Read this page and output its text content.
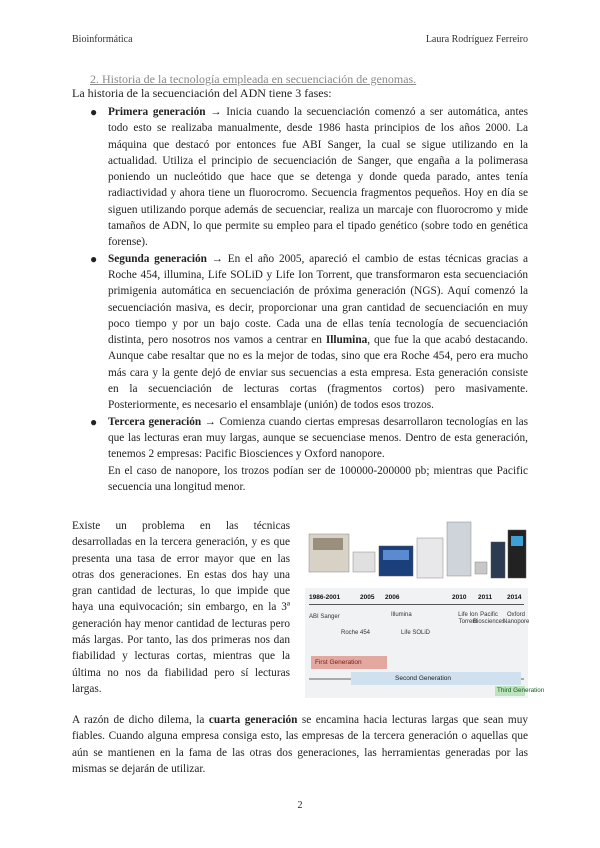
Bioinformática	Laura Rodríguez Ferreiro
2. Historia de la tecnología empleada en secuenciación de genomas.
La historia de la secuenciación del ADN tiene 3 fases:
● Primera generación → Inicia cuando la secuenciación comenzó a ser automática, antes todo esto se realizaba manualmente, desde 1986 hasta principios de los años 2000. La máquina que destacó por entonces fue ABI Sanger, la cual se sigue utilizando en la actualidad. Utiliza el principio de secuenciación de Sanger, que engaña a la polimerasa poniendo un nucleótido que hace que se detenga y donde queda parado, antes tenía radiactividad y ahora tiene un fluorocromo. Secuencia fragmentos pequeños. Hoy en día se siguen utilizando porque además de secuenciar, realiza un marcaje con fluorocromo y mide tamaños de ADN, lo que permite su empleo para el tipado genético (sobre todo en genética forense).
● Segunda generación → En el año 2005, apareció el cambio de estas técnicas gracias a Roche 454, illumina, Life SOLiD y Life Ion Torrent, que transformaron esta secuenciación primigenia automática en secuenciación de próxima generación (NGS). Aquí comenzó la secuenciación masiva, es decir, proporcionar una gran cantidad de secuenciación en muy poco tiempo y por un bajo coste. Cada una de ellas tenía tecnología de secuenciación distinta, pero nosotros nos vamos a centrar en Illumina, que fue la que acabó destacando. Aunque cabe resaltar que no es la mejor de todas, sino que era Roche 454, pero era mucho más cara y la gente dejó de enviar sus secuencias a esta empresa. Esta generación consiste en la secuenciación de lecturas cortas (fragmentos cortos) pero masivamente. Posteriormente, es necesario el ensamblaje (unión) de todos esos trozos.
● Tercera generación → Comienza cuando ciertas empresas desarrollaron tecnologías en las que las lecturas eran muy largas, aunque se secuenciase menos. Dentro de esta generación, tenemos 2 empresas: Pacific Biosciences y Oxford nanopore.
En el caso de nanopore, los trozos podían ser de 100000-200000 pb; mientras que Pacific secuencia una longitud menor.
Existe un problema en las técnicas desarrolladas en la tercera generación, y es que presenta una tasa de error mayor que en las otras dos generaciones. En estas dos hay una gran cantidad de lecturas, lo que impide que haya una equivocación; sin embargo, en la 3ª generación hay menor cantidad de lecturas pero más largas. Por tanto, las dos primeras nos dan fiabilidad y lecturas cortas, mientras que la última no nos da fiabilidad pero sí lecturas largas.
1986-2001	2005 2006	2010 2011 2014
ABI Sanger
Roche 454
Illumina
Life SOLiD
Life Ion Torrent
Pacific Biosciences
Oxford Nanopore
First Generation
Second Generation
Third Generation
A razón de dicho dilema, la cuarta generación se encamina hacia lecturas largas que sean muy fiables. Cuando alguna empresa consiga esto, las empresas de la tercera generación o aquellas que aún se mantienen en la fama de las otras dos generaciones, las herramientas generadas por las mismas se dejarán de utilizar.
2
